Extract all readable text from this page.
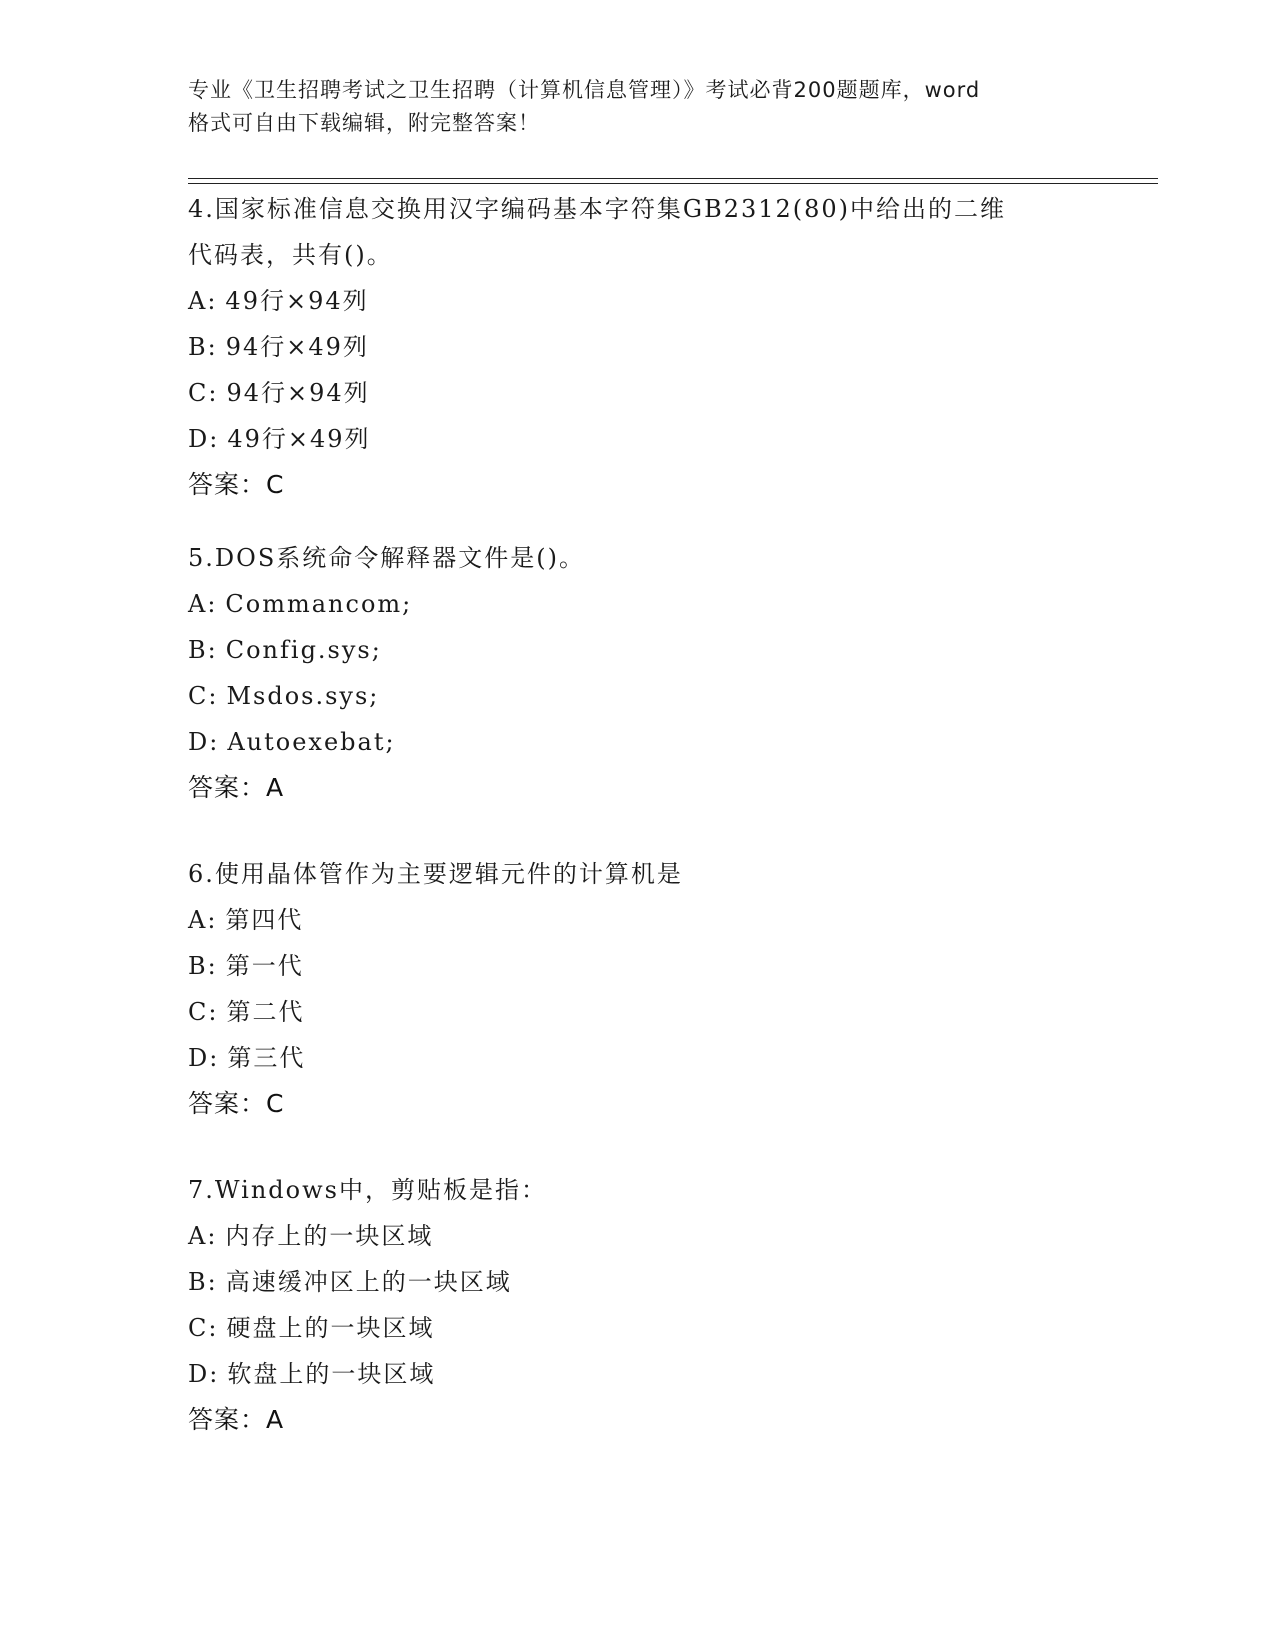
专业《卫生招聘考试之卫生招聘（计算机信息管理）》考试必背200题题库，word
格式可自由下载编辑，附完整答案！
4.国家标准信息交换用汉字编码基本字符集GB2312(80)中给出的二维
代码表，共有()。
A: 49行×94列
B: 94行×49列
C: 94行×94列
D: 49行×49列
答案：C
5.DOS系统命令解释器文件是()。
A: Commancom;
B: Config.sys;
C: Msdos.sys;
D: Autoexebat;
答案：A
6.使用晶体管作为主要逻辑元件的计算机是
A: 第四代
B: 第一代
C: 第二代
D: 第三代
答案：C
7.Windows中，剪贴板是指：
A: 内存上的一块区域
B: 高速缓冲区上的一块区域
C: 硬盘上的一块区域
D: 软盘上的一块区域
答案：A
